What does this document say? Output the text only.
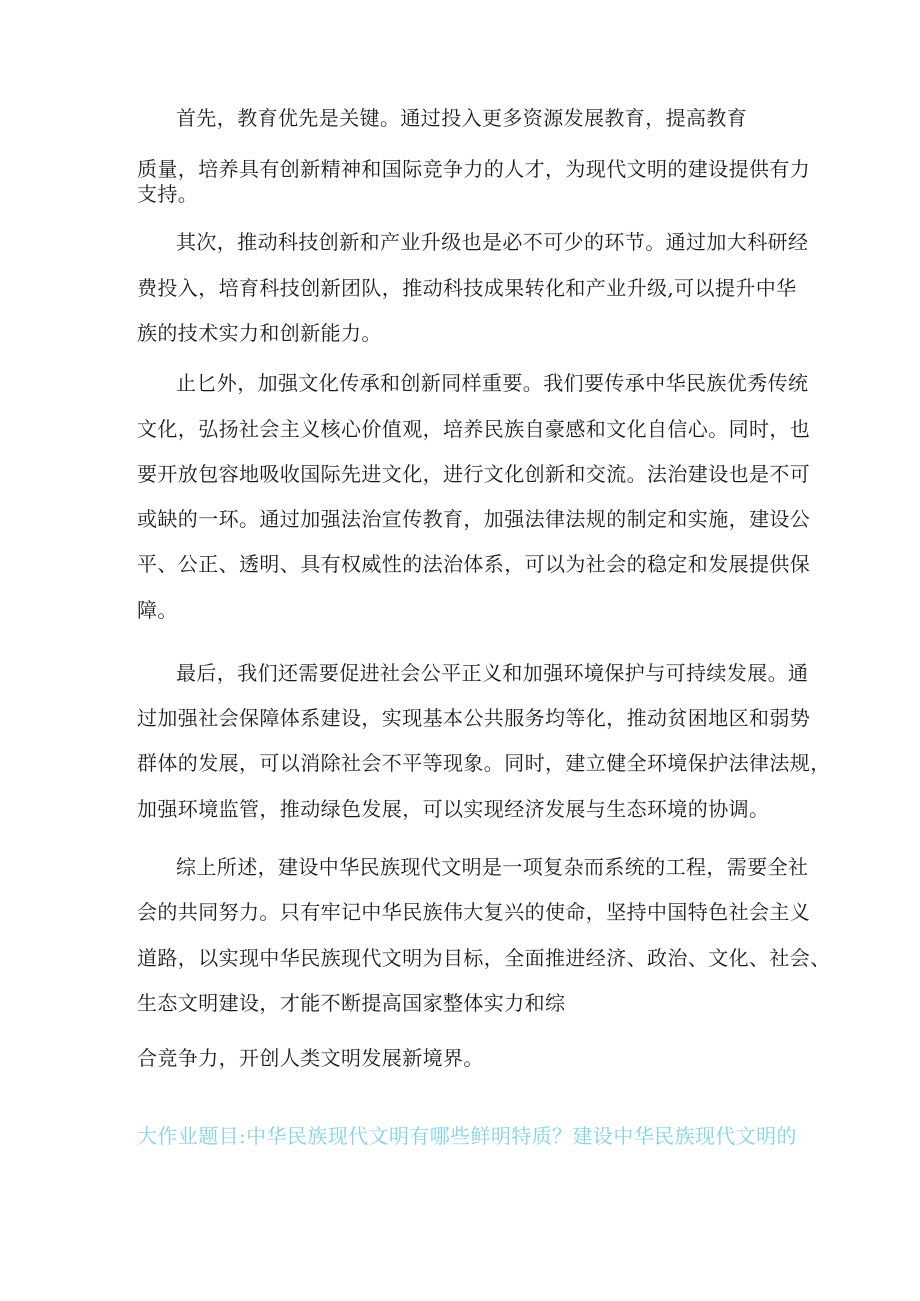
首先，教育优先是关键。通过投入更多资源发展教育，提高教育
质量，培养具有创新精神和国际竞争力的人才，为现代文明的建设提供有力
支持。
其次，推动科技创新和产业升级也是必不可少的环节。通过加大科研经
费投入，培育科技创新团队，推动科技成果转化和产业升级,可以提升中华
族的技术实力和创新能力。
止匕外，加强文化传承和创新同样重要。我们要传承中华民族优秀传统
文化，弘扬社会主义核心价值观，培养民族自豪感和文化自信心。同时，也
要开放包容地吸收国际先进文化，进行文化创新和交流。法治建设也是不可
或缺的一环。通过加强法治宣传教育，加强法律法规的制定和实施，建设公
平、公正、透明、具有权威性的法治体系，可以为社会的稳定和发展提供保
障。
最后，我们还需要促进社会公平正义和加强环境保护与可持续发展。通
过加强社会保障体系建设，实现基本公共服务均等化，推动贫困地区和弱势
群体的发展，可以消除社会不平等现象。同时，建立健全环境保护法律法规，
加强环境监管，推动绿色发展，可以实现经济发展与生态环境的协调。
综上所述，建设中华民族现代文明是一项复杂而系统的工程，需要全社
会的共同努力。只有牢记中华民族伟大复兴的使命，坚持中国特色社会主义
道路，以实现中华民族现代文明为目标，全面推进经济、政治、文化、社会、
生态文明建设，才能不断提高国家整体实力和综
合竞争力，开创人类文明发展新境界。
大作业题目:中华民族现代文明有哪些鲜明特质？建设中华民族现代文明的
